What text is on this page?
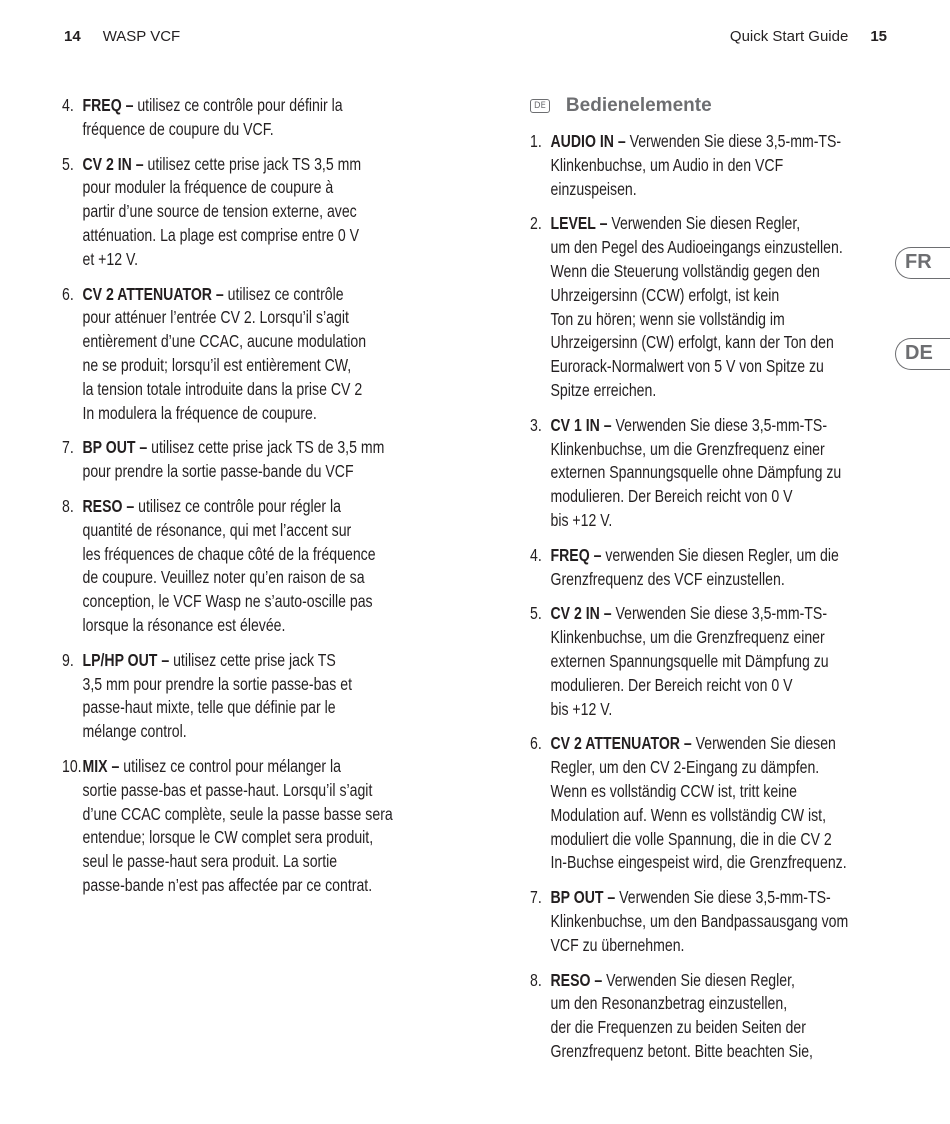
14 WASP VCF	Quick Start Guide 15
4. FREQ – utilisez ce contrôle pour définir la
fréquence de coupure du VCF.
5. CV 2 IN – utilisez cette prise jack TS 3,5 mm
pour moduler la fréquence de coupure à
partir d’une source de tension externe, avec
atténuation. La plage est comprise entre 0 V
et +12 V.
6. CV 2 ATTENUATOR – utilisez ce contrôle
pour atténuer l’entrée CV 2. Lorsqu’il s’agit
entièrement d’une CCAC, aucune modulation
ne se produit; lorsqu’il est entièrement CW,
la tension totale introduite dans la prise CV 2
In modulera la fréquence de coupure.
7. BP OUT – utilisez cette prise jack TS de 3,5 mm
pour prendre la sortie passe-bande du VCF
8. RESO – utilisez ce contrôle pour régler la
quantité de résonance, qui met l’accent sur
les fréquences de chaque côté de la fréquence
de coupure. Veuillez noter qu’en raison de sa
conception, le VCF Wasp ne s’auto-oscille pas
lorsque la résonance est élevée.
9. LP/HP OUT – utilisez cette prise jack TS
3,5 mm pour prendre la sortie passe-bas et
passe-haut mixte, telle que définie par le
mélange control.
10. MIX – utilisez ce control pour mélanger la
sortie passe-bas et passe-haut. Lorsqu’il s’agit
d’une CCAC complète, seule la passe basse sera
entendue; lorsque le CW complet sera produit,
seul le passe-haut sera produit. La sortie
passe-bande n’est pas affectée par ce contrat.
DE Bedienelemente
1. AUDIO IN – Verwenden Sie diese 3,5-mm-TS-
Klinkenbuchse, um Audio in den VCF
einzuspeisen.
2. LEVEL – Verwenden Sie diesen Regler,
um den Pegel des Audioeingangs einzustellen.
Wenn die Steuerung vollständig gegen den
Uhrzeigersinn (CCW) erfolgt, ist kein
Ton zu hören; wenn sie vollständig im
Uhrzeigersinn (CW) erfolgt, kann der Ton den
Eurorack-Normalwert von 5 V von Spitze zu
Spitze erreichen.
3. CV 1 IN – Verwenden Sie diese 3,5-mm-TS-
Klinkenbuchse, um die Grenzfrequenz einer
externen Spannungsquelle ohne Dämpfung zu
modulieren. Der Bereich reicht von 0 V
bis +12 V.
4. FREQ – verwenden Sie diesen Regler, um die
Grenzfrequenz des VCF einzustellen.
5. CV 2 IN – Verwenden Sie diese 3,5-mm-TS-
Klinkenbuchse, um die Grenzfrequenz einer
externen Spannungsquelle mit Dämpfung zu
modulieren. Der Bereich reicht von 0 V
bis +12 V.
6. CV 2 ATTENUATOR – Verwenden Sie diesen
Regler, um den CV 2-Eingang zu dämpfen.
Wenn es vollständig CCW ist, tritt keine
Modulation auf. Wenn es vollständig CW ist,
moduliert die volle Spannung, die in die CV 2
In-Buchse eingespeist wird, die Grenzfrequenz.
7. BP OUT – Verwenden Sie diese 3,5-mm-TS-
Klinkenbuchse, um den Bandpassausgang vom
VCF zu übernehmen.
8. RESO – Verwenden Sie diesen Regler,
um den Resonanzbetrag einzustellen,
der die Frequenzen zu beiden Seiten der
Grenzfrequenz betont. Bitte beachten Sie,
FR
DE
